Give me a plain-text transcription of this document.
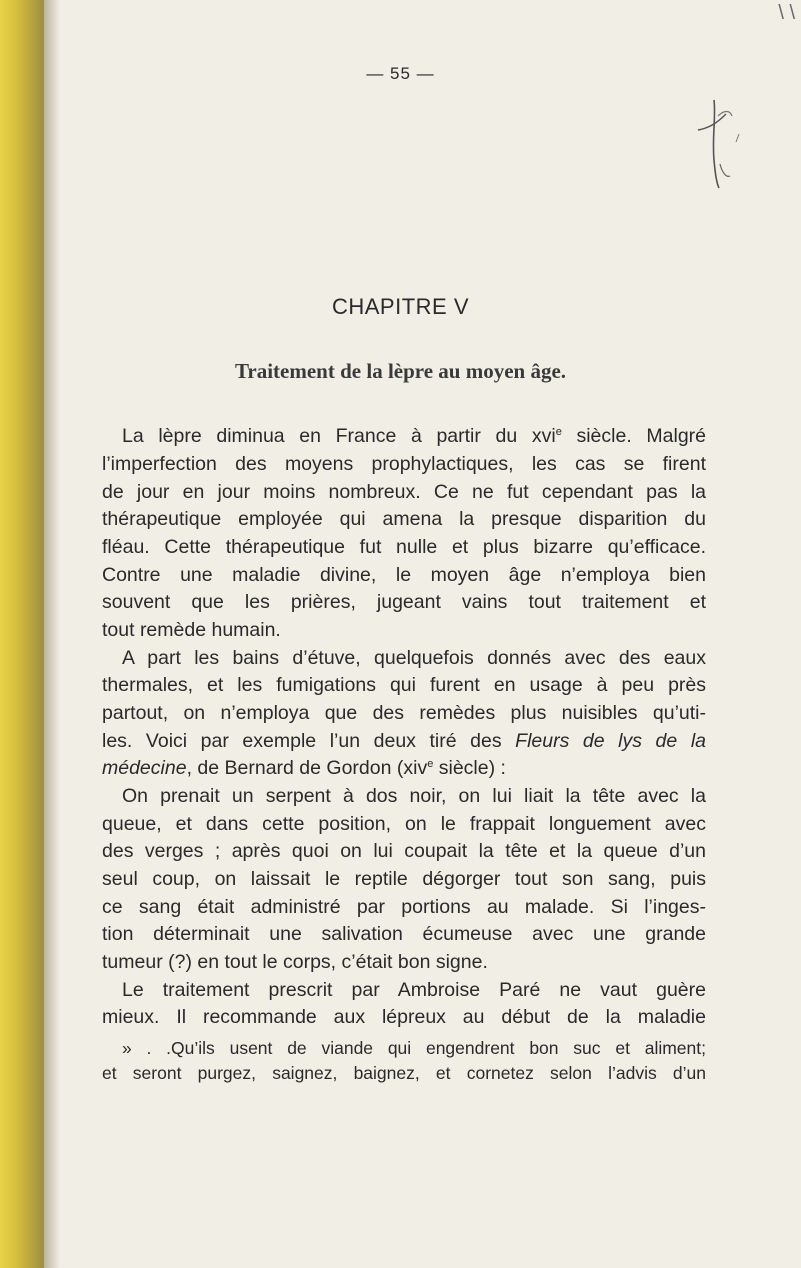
\ \
— 55 —
CHAPITRE V
Traitement de la lèpre au moyen âge.
La lèpre diminua en France à partir du xvi$^e$ siècle. Malgré
l’imperfection des moyens prophylactiques, les cas se firent
de jour en jour moins nombreux. Ce ne fut cependant pas la
thérapeutique employée qui amena la presque disparition du
fléau. Cette thérapeutique fut nulle et plus bizarre qu’efficace.
Contre une maladie divine, le moyen âge n’employa bien
souvent que les prières, jugeant vains tout traitement et
tout remède humain.
A part les bains d’étuve, quelquefois donnés avec des eaux
thermales, et les fumigations qui furent en usage à peu près
partout, on n’employa que des remèdes plus nuisibles qu’uti-
les. Voici par exemple l’un deux tiré des Fleurs de lys de la
médecine, de Bernard de Gordon (xiv$^e$ siècle) :
On prenait un serpent à dos noir, on lui liait la tête avec la
queue, et dans cette position, on le frappait longuement avec
des verges ; après quoi on lui coupait la tête et la queue d’un
seul coup, on laissait le reptile dégorger tout son sang, puis
ce sang était administré par portions au malade. Si l’inges-
tion déterminait une salivation écumeuse avec une grande
tumeur (?) en tout le corps, c’était bon signe.
Le traitement prescrit par Ambroise Paré ne vaut guère
mieux. Il recommande aux lépreux au début de la maladie
» . .Qu’ils usent de viande qui engendrent bon suc et aliment;
et seront purgez, saignez, baignez, et cornetez selon l’advis d’un
